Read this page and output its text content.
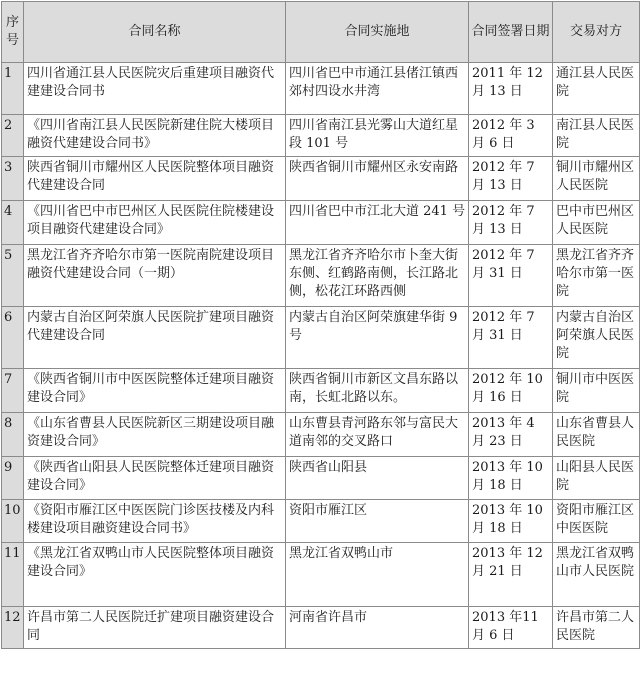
序号	合同名称	合同实施地	合同签署日期	交易对方
1	四川省通江县人民医院灾后重建项目融资代建建设合同书	四川省巴中市通江县偖江镇西郊村四设水井湾	2011 年 12 月 13 日	通江县人民医院
2	《四川省南江县人民医院新建住院大楼项目融资代建建设合同书》	四川省南江县光雾山大道红星段 101 号	2012 年 3 月 6 日	南江县人民医院
3	陕西省铜川市耀州区人民医院整体项目融资代建建设合同	陕西省铜川市耀州区永安南路	2012 年 7 月 13 日	铜川市耀州区人民医院
4	《四川省巴中市巴州区人民医院住院楼建设项目融资代建建设合同》	四川省巴中市江北大道 241 号	2012 年 7 月 13 日	巴中市巴州区人民医院
5	黑龙江省齐齐哈尔市第一医院南院建设项目融资代建建设合同（一期）	黑龙江省齐齐哈尔市卜奎大街东侧、红鹤路南侧，长江路北侧，松花江环路西侧	2012 年 7 月 31 日	黑龙江省齐齐哈尔市第一医院
6	内蒙古自治区阿荣旗人民医院扩建项目融资代建建设合同	内蒙古自治区阿荣旗建华街 9 号	2012 年 7 月 31 日	内蒙古自治区阿荣旗人民医院
7	《陕西省铜川市中医医院整体迁建项目融资建设合同》	陕西省铜川市新区文昌东路以南，长虹北路以东。	2012 年 10 月 16 日	铜川市中医医院
8	《山东省曹县人民医院新区三期建设项目融资建设合同》	山东曹县青河路东邻与富民大道南邻的交叉路口	2013 年 4 月 23 日	山东省曹县人民医院
9	《陕西省山阳县人民医院整体迁建项目融资建设合同》	陕西省山阳县	2013 年 10 月 18 日	山阳县人民医院
10	《资阳市雁江区中医医院门诊医技楼及内科楼建设项目融资建设合同书》	资阳市雁江区	2013 年 10 月 18 日	资阳市雁江区中医医院
11	《黑龙江省双鸭山市人民医院整体项目融资建设合同》	黑龙江省双鸭山市	2013 年 12 月 21 日	黑龙江省双鸭山市人民医院
12	许昌市第二人民医院迁扩建项目融资建设合同	河南省许昌市	2013 年11月 6 日	许昌市第二人民医院
